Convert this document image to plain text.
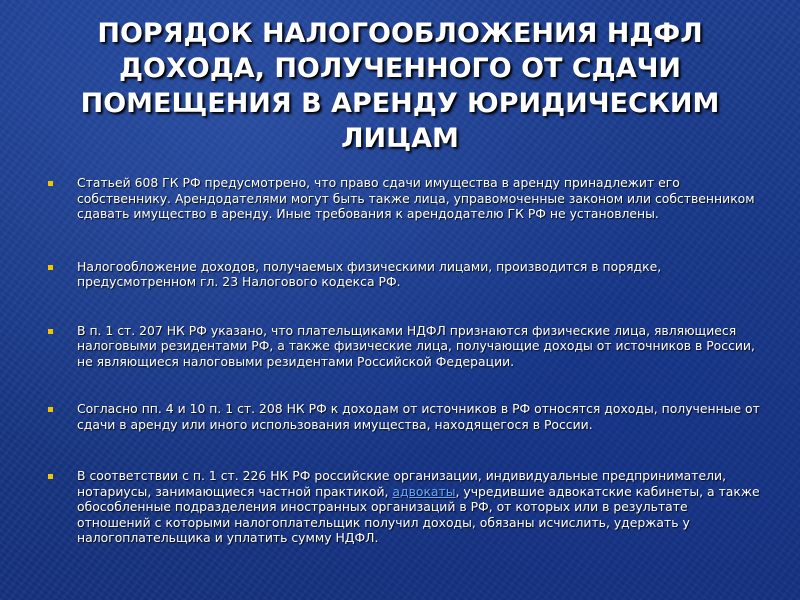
ПОРЯДОК НАЛОГООБЛОЖЕНИЯ НДФЛ ДОХОДА, ПОЛУЧЕННОГО ОТ СДАЧИ ПОМЕЩЕНИЯ В АРЕНДУ ЮРИДИЧЕСКИМ ЛИЦАМ
Статьей 608 ГК РФ предусмотрено, что право сдачи имущества в аренду принадлежит его собственнику. Арендодателями могут быть также лица, управомоченные законом или собственником сдавать имущество в аренду. Иные требования к арендодателю ГК РФ не установлены.
Налогообложение доходов, получаемых физическими лицами, производится в порядке, предусмотренном гл. 23 Налогового кодекса РФ.
В п. 1 ст. 207 НК РФ указано, что плательщиками НДФЛ признаются физические лица, являющиеся налоговыми резидентами РФ, а также физические лица, получающие доходы от источников в России, не являющиеся налоговыми резидентами Российской Федерации.
Согласно пп. 4 и 10 п. 1 ст. 208 НК РФ к доходам от источников в РФ относятся доходы, полученные от сдачи в аренду или иного использования имущества, находящегося в России.
В соответствии с п. 1 ст. 226 НК РФ российские организации, индивидуальные предприниматели, нотариусы, занимающиеся частной практикой, адвокаты, учредившие адвокатские кабинеты, а также обособленные подразделения иностранных организаций в РФ, от которых или в результате отношений с которыми налогоплательщик получил доходы, обязаны исчислить, удержать у налогоплательщика и уплатить сумму НДФЛ.
